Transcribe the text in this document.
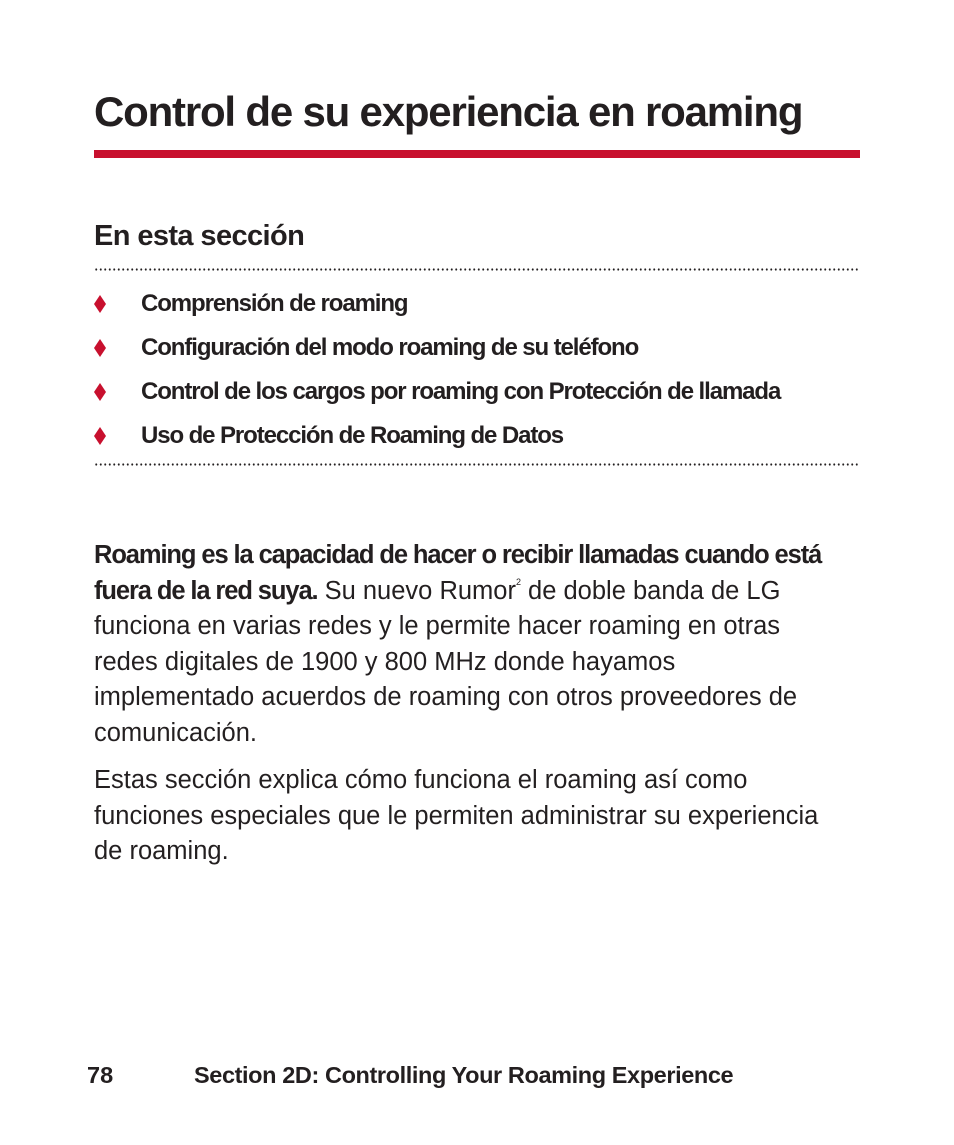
Control de su experiencia en roaming
En esta sección
Comprensión de roaming
Configuración del modo roaming de su teléfono
Control de los cargos por roaming con Protección de llamada
Uso de Protección de Roaming de Datos

Roaming es la capacidad de hacer o recibir llamadas cuando está fuera de la red suya. Su nuevo Rumor$^2$ de doble banda de LG funciona en varias redes y le permite hacer roaming en otras redes digitales de 1900 y 800 MHz donde hayamos implementado acuerdos de roaming con otros proveedores de comunicación.

Estas sección explica cómo funciona el roaming así como funciones especiales que le permiten administrar su experiencia de roaming.

78	Section 2D: Controlling Your Roaming Experience
